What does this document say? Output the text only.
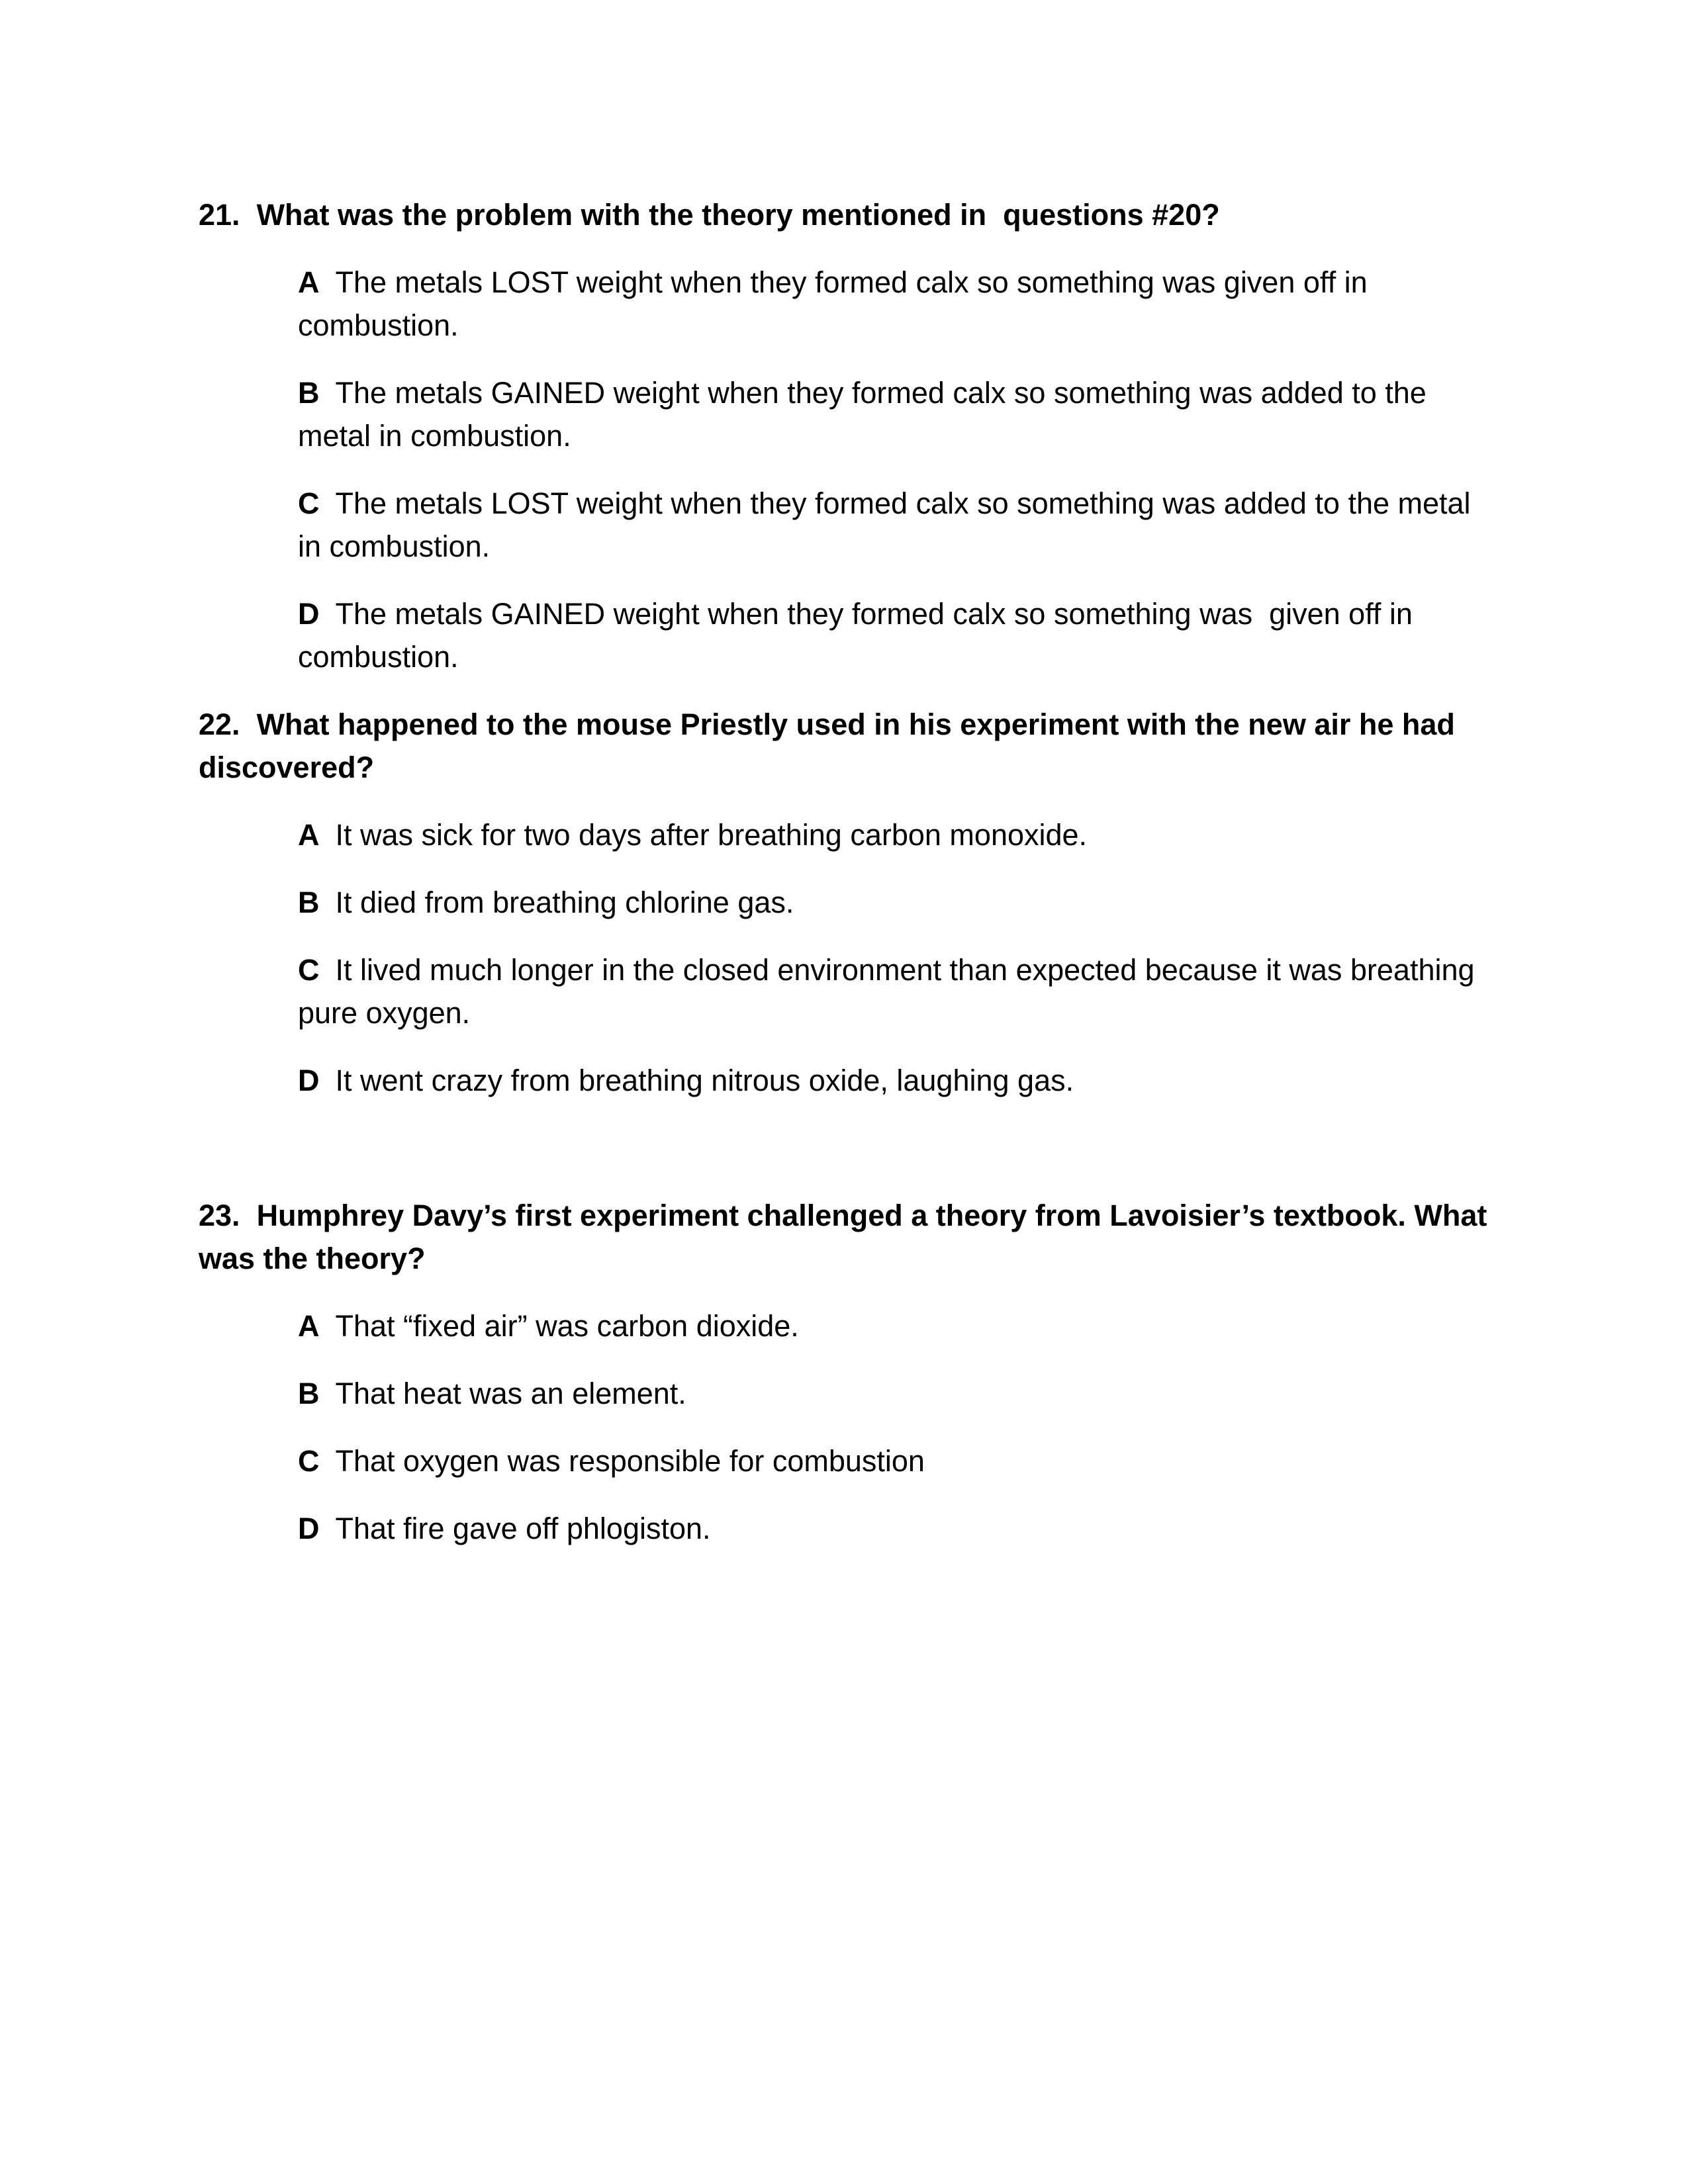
21. What was the problem with the theory mentioned in  questions #20?

A The metals LOST weight when they formed calx so something was given off in combustion.

B The metals GAINED weight when they formed calx so something was added to the metal in combustion.

C The metals LOST weight when they formed calx so something was added to the metal in combustion.

D The metals GAINED weight when they formed calx so something was  given off in combustion.

22. What happened to the mouse Priestly used in his experiment with the new air he had discovered?

A It was sick for two days after breathing carbon monoxide.

B It died from breathing chlorine gas.

C It lived much longer in the closed environment than expected because it was breathing pure oxygen.

D It went crazy from breathing nitrous oxide, laughing gas.

23. Humphrey Davy’s first experiment challenged a theory from Lavoisier’s textbook. What was the theory?

A That “fixed air” was carbon dioxide.

B That heat was an element.

C That oxygen was responsible for combustion

D That fire gave off phlogiston.
